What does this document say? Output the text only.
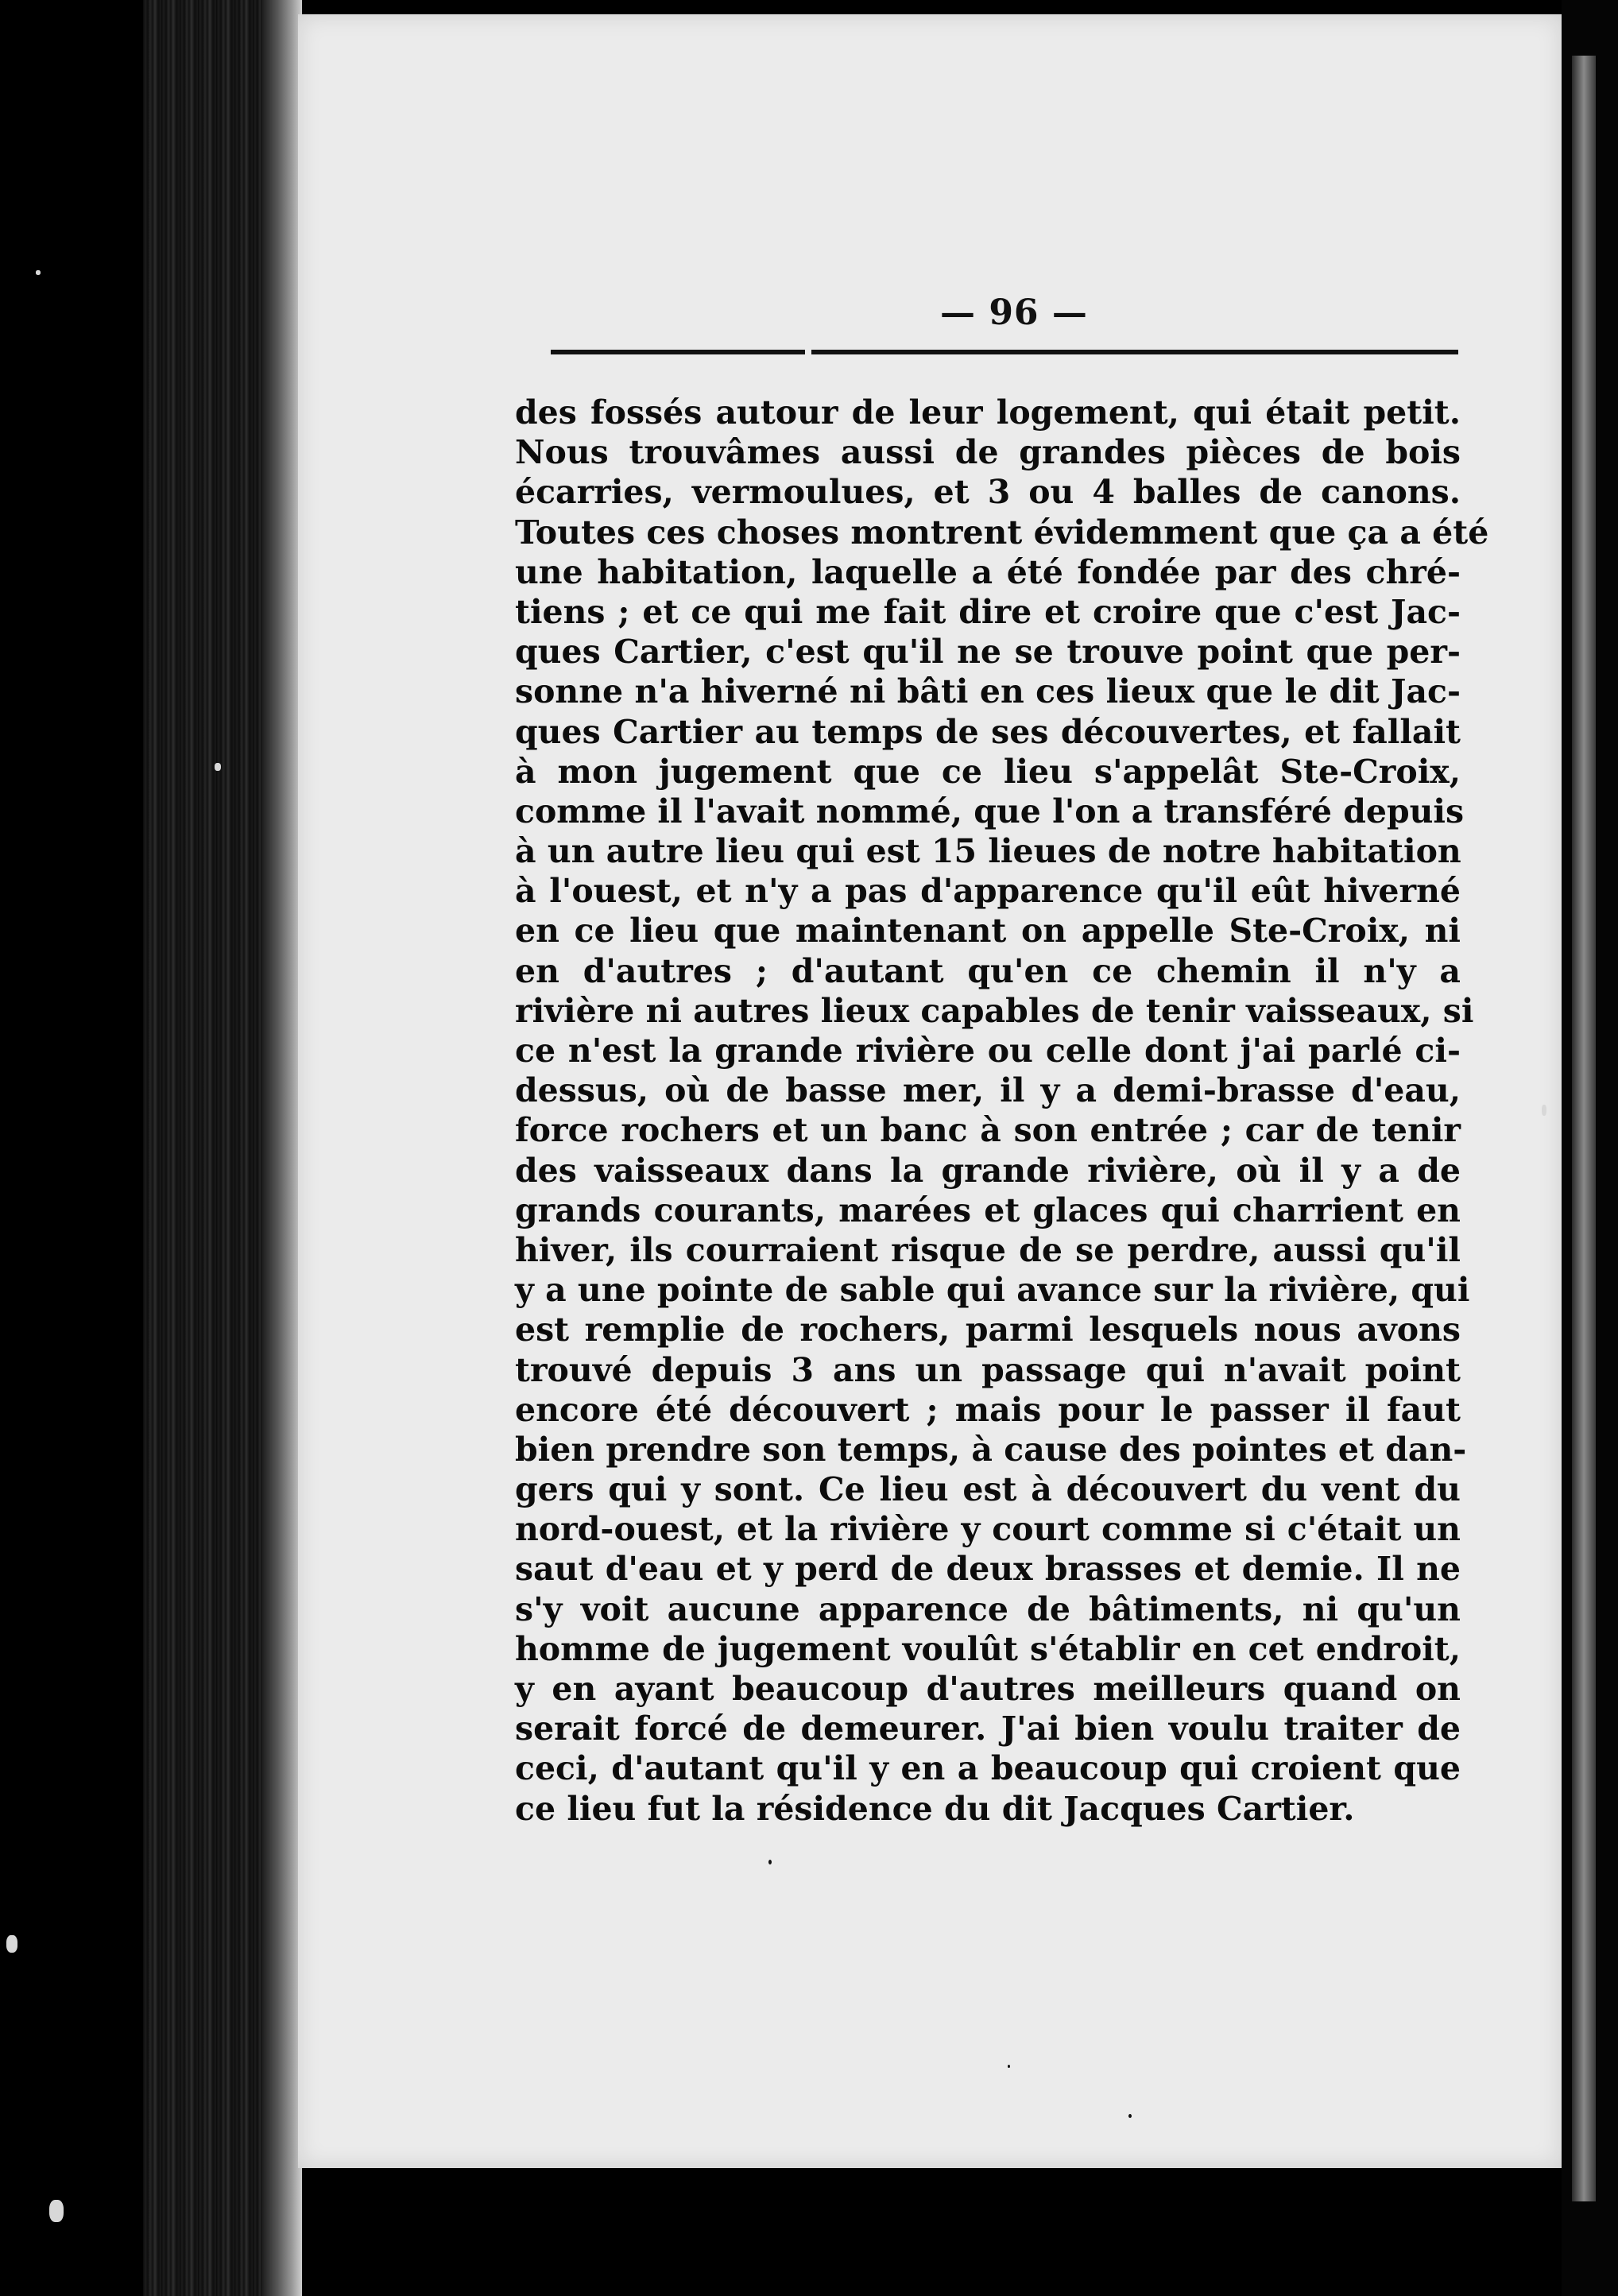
— 96 —
des fossés autour de leur logement, qui était petit.
Nous trouvâmes aussi de grandes pièces de bois
écarries, vermoulues, et 3 ou 4 balles de canons.
Toutes ces choses montrent évidemment que ça a été
une habitation, laquelle a été fondée par des chré-
tiens ; et ce qui me fait dire et croire que c'est Jac-
ques Cartier, c'est qu'il ne se trouve point que per-
sonne n'a hiverné ni bâti en ces lieux que le dit Jac-
ques Cartier au temps de ses découvertes, et fallait
à mon jugement que ce lieu s'appelât Ste-Croix,
comme il l'avait nommé, que l'on a transféré depuis
à un autre lieu qui est 15 lieues de notre habitation
à l'ouest, et n'y a pas d'apparence qu'il eût hiverné
en ce lieu que maintenant on appelle Ste-Croix, ni
en d'autres ; d'autant qu'en ce chemin il n'y a
rivière ni autres lieux capables de tenir vaisseaux, si
ce n'est la grande rivière ou celle dont j'ai parlé ci-
dessus, où de basse mer, il y a demi-brasse d'eau,
force rochers et un banc à son entrée ; car de tenir
des vaisseaux dans la grande rivière, où il y a de
grands courants, marées et glaces qui charrient en
hiver, ils courraient risque de se perdre, aussi qu'il
y a une pointe de sable qui avance sur la rivière, qui
est remplie de rochers, parmi lesquels nous avons
trouvé depuis 3 ans un passage qui n'avait point
encore été découvert ; mais pour le passer il faut
bien prendre son temps, à cause des pointes et dan-
gers qui y sont. Ce lieu est à découvert du vent du
nord-ouest, et la rivière y court comme si c'était un
saut d'eau et y perd de deux brasses et demie. Il ne
s'y voit aucune apparence de bâtiments, ni qu'un
homme de jugement voulût s'établir en cet endroit,
y en ayant beaucoup d'autres meilleurs quand on
serait forcé de demeurer. J'ai bien voulu traiter de
ceci, d'autant qu'il y en a beaucoup qui croient que
ce lieu fut la résidence du dit Jacques Cartier.
